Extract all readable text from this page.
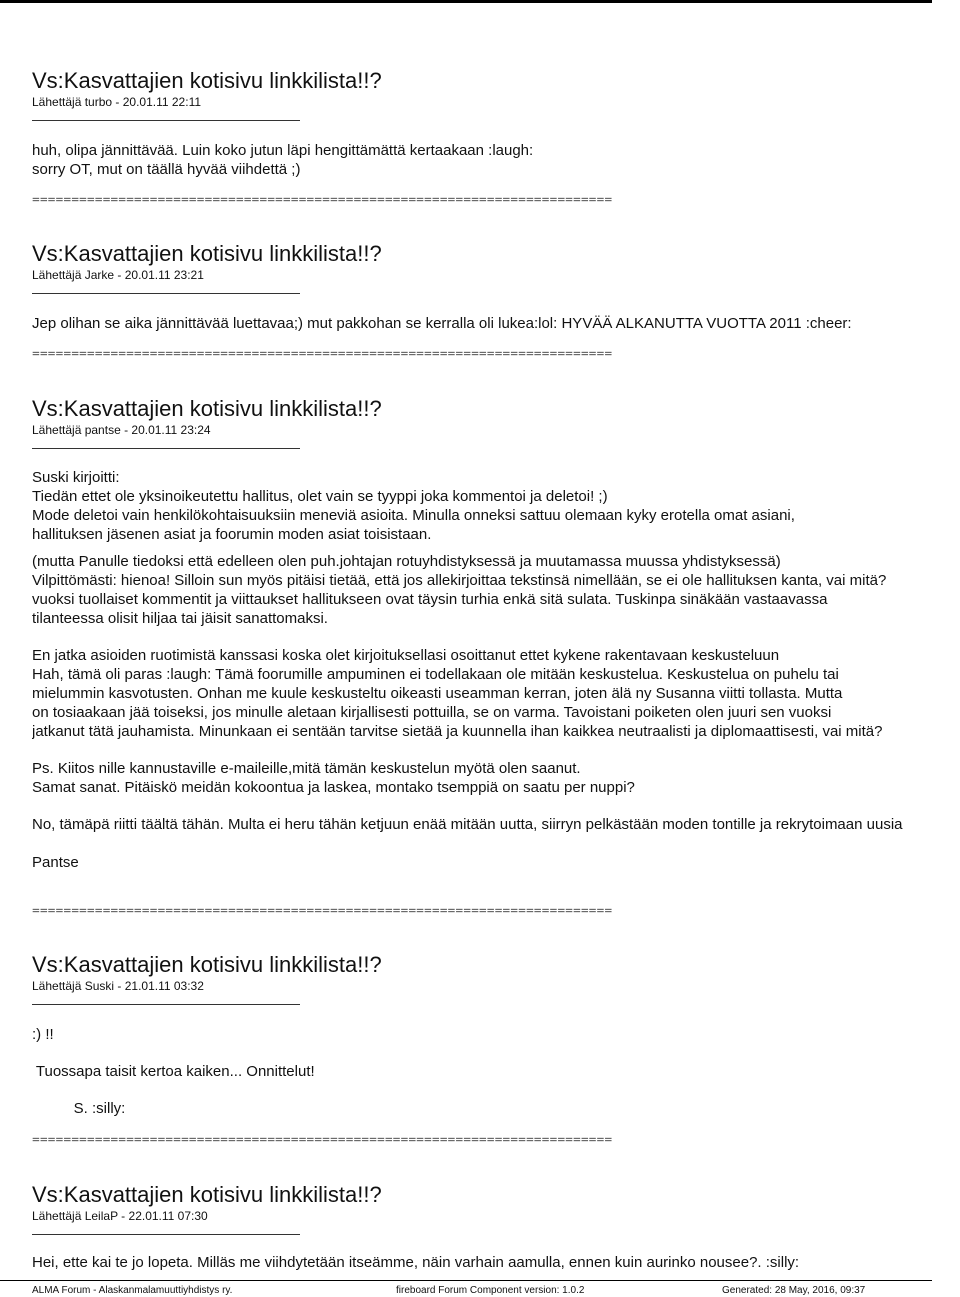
Vs:Kasvattajien kotisivu linkkilista!!?
Lähettäjä turbo - 20.01.11 22:11
huh, olipa jännittävää. Luin koko jutun läpi hengittämättä kertaakaan :laugh:
sorry OT, mut on täällä hyvää viihdettä ;)
==========================================================================
Vs:Kasvattajien kotisivu linkkilista!!?
Lähettäjä Jarke - 20.01.11 23:21
Jep olihan se aika jännittävää luettavaa;) mut pakkohan se kerralla oli lukea:lol: HYVÄÄ ALKANUTTA VUOTTA 2011 :cheer:
==========================================================================
Vs:Kasvattajien kotisivu linkkilista!!?
Lähettäjä pantse - 20.01.11 23:24
Suski kirjoitti:
Tiedän ettet ole yksinoikeutettu hallitus, olet vain se tyyppi joka kommentoi ja deletoi! ;)
Mode deletoi vain henkilökohtaisuuksiin meneviä asioita. Minulla onneksi sattuu olemaan kyky erotella omat asiani,
hallituksen jäsenen asiat ja foorumin moden asiat toisistaan.
(mutta Panulle tiedoksi että edelleen olen puh.johtajan rotuyhdistyksessä ja muutamassa muussa yhdistyksessä)
Vilpittömästi: hienoa! Silloin sun myös pitäisi tietää, että jos allekirjoittaa tekstinsä nimellään, se ei ole hallituksen kanta, vai mitä?
vuoksi tuollaiset kommentit ja viittaukset hallitukseen ovat täysin turhia enkä sitä sulata. Tuskinpa sinäkään vastaavassa
tilanteessa olisit hiljaa tai jäisit sanattomaksi.
En jatka asioiden ruotimistä kanssasi koska olet kirjoituksellasi osoittanut ettet kykene rakentavaan keskusteluun
Hah, tämä oli paras :laugh: Tämä foorumille ampuminen ei todellakaan ole mitään keskustelua. Keskustelua on puhelu tai
mielummin kasvotusten. Onhan me kuule keskusteltu oikeasti useamman kerran, joten älä ny Susanna viitti tollasta. Mutta
on tosiaakaan jää toiseksi, jos minulle aletaan kirjallisesti pottuilla, se on varma. Tavoistani poiketen olen juuri sen vuoksi
jatkanut tätä jauhamista. Minunkaan ei sentään tarvitse sietää ja kuunnella ihan kaikkea neutraalisti ja diplomaattisesti, vai mitä?
Ps. Kiitos nille kannustaville e-maileille,mitä tämän keskustelun myötä olen saanut.
Samat sanat. Pitäiskö meidän kokoontua ja laskea, montako tsemppiä on saatu per nuppi?
No, tämäpä riitti täältä tähän. Multa ei heru tähän ketjuun enää mitään uutta, siirryn pelkästään moden tontille ja rekrytoimaan uusia
Pantse
==========================================================================
Vs:Kasvattajien kotisivu linkkilista!!?
Lähettäjä Suski - 21.01.11 03:32
:) !!
Tuossapa taisit kertoa kaiken... Onnittelut!
S. :silly:
==========================================================================
Vs:Kasvattajien kotisivu linkkilista!!?
Lähettäjä LeilaP - 22.01.11 07:30
Hei, ette kai te jo lopeta. Milläs me viihdytetään itseämme, näin varhain aamulla, ennen kuin aurinko nousee?. :silly:
ALMA Forum - Alaskanmalamuuttiyhdistys ry.	fireboard Forum Component version: 1.0.2	Generated: 28 May, 2016, 09:37
